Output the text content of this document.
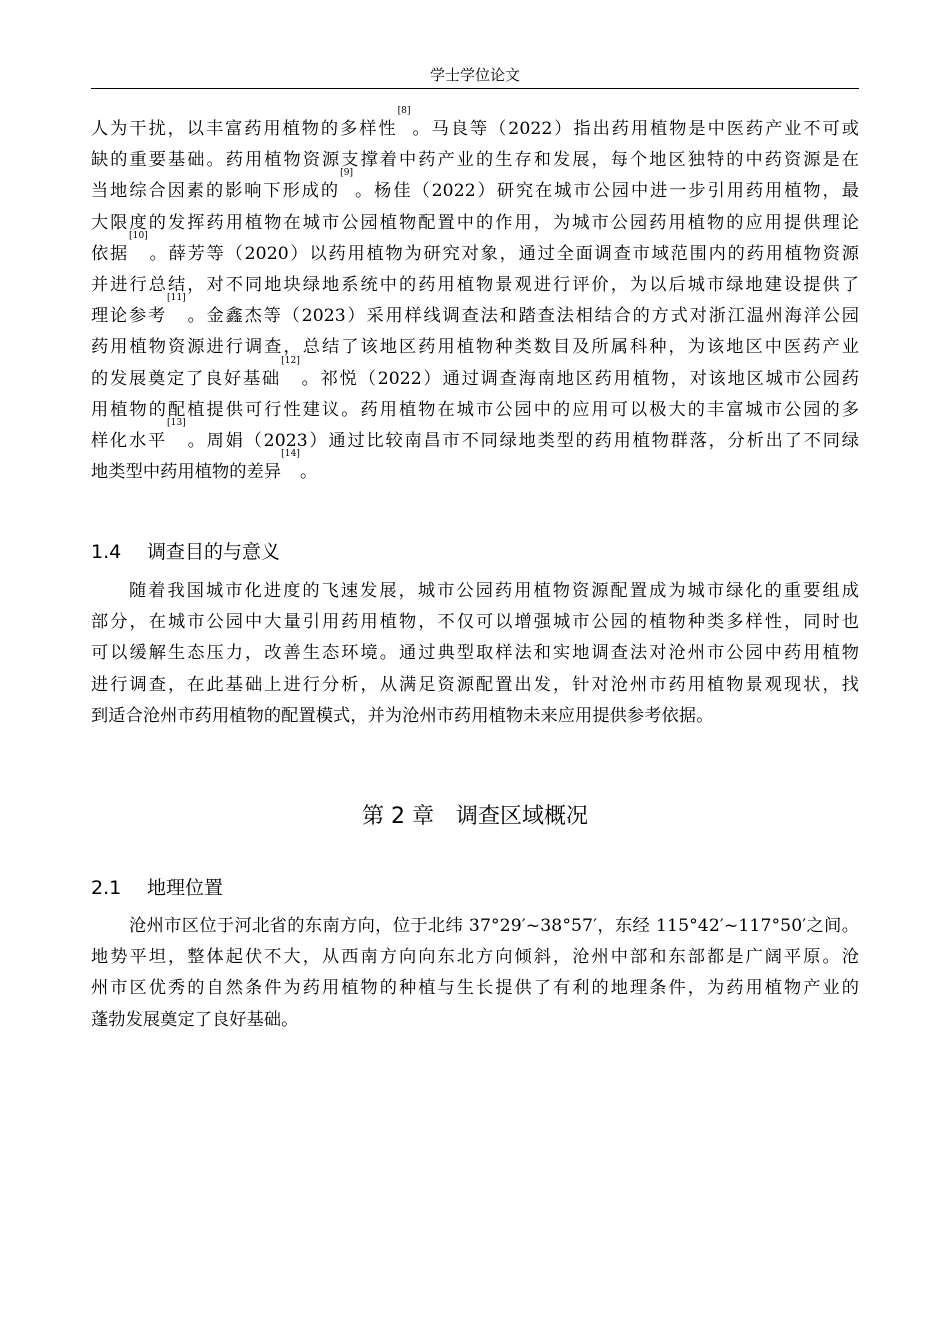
学士学位论文
人为干扰，以丰富药用植物的多样性[8]。马良等（2022）指出药用植物是中医药产业不可或
缺的重要基础。药用植物资源支撑着中药产业的生存和发展，每个地区独特的中药资源是在
当地综合因素的影响下形成的[9]。杨佳（2022）研究在城市公园中进一步引用药用植物，最
大限度的发挥药用植物在城市公园植物配置中的作用，为城市公园药用植物的应用提供理论
依据[10]。薛芳等（2020）以药用植物为研究对象，通过全面调查市域范围内的药用植物资源
并进行总结，对不同地块绿地系统中的药用植物景观进行评价，为以后城市绿地建设提供了
理论参考[11]。金鑫杰等（2023）采用样线调查法和踏查法相结合的方式对浙江温州海洋公园
药用植物资源进行调查，总结了该地区药用植物种类数目及所属科种，为该地区中医药产业
的发展奠定了良好基础[12]。祁悦（2022）通过调查海南地区药用植物，对该地区城市公园药
用植物的配植提供可行性建议。药用植物在城市公园中的应用可以极大的丰富城市公园的多
样化水平[13]。周娟（2023）通过比较南昌市不同绿地类型的药用植物群落，分析出了不同绿
地类型中药用植物的差异[14]。
1.4 调查目的与意义
随着我国城市化进度的飞速发展，城市公园药用植物资源配置成为城市绿化的重要组成
部分，在城市公园中大量引用药用植物，不仅可以增强城市公园的植物种类多样性，同时也
可以缓解生态压力，改善生态环境。通过典型取样法和实地调查法对沧州市公园中药用植物
进行调查，在此基础上进行分析，从满足资源配置出发，针对沧州市药用植物景观现状，找
到适合沧州市药用植物的配置模式，并为沧州市药用植物未来应用提供参考依据。
第 2 章 调查区域概况
2.1 地理位置
沧州市区位于河北省的东南方向，位于北纬 37°29′~38°57′，东经 115°42′~117°50′之间。
地势平坦，整体起伏不大，从西南方向向东北方向倾斜，沧州中部和东部都是广阔平原。沧
州市区优秀的自然条件为药用植物的种植与生长提供了有利的地理条件，为药用植物产业的
蓬勃发展奠定了良好基础。
